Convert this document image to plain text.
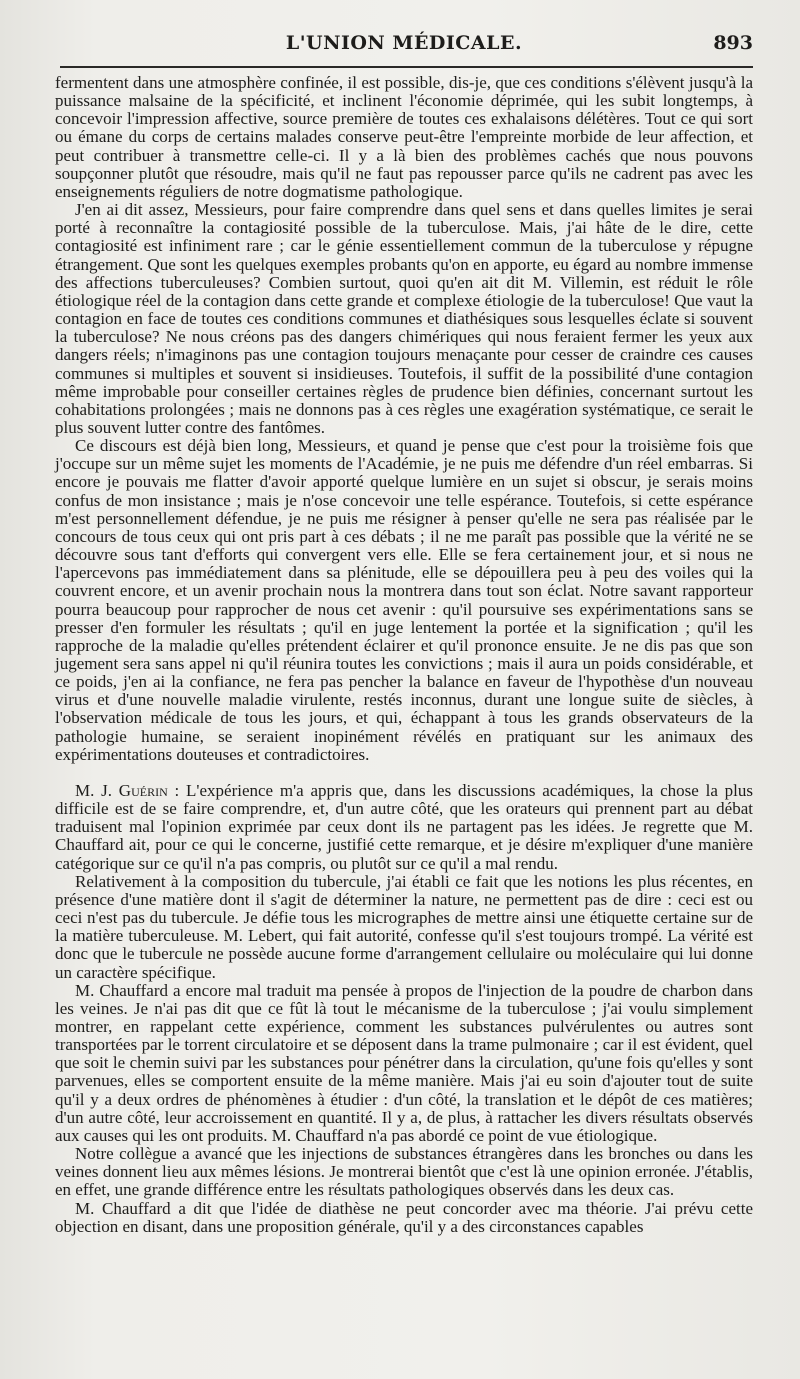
L'UNION MÉDICALE.	893

fermentent dans une atmosphère confinée, il est possible, dis-je, que ces conditions s'élèvent jusqu'à la puissance malsaine de la spécificité, et inclinent l'économie déprimée, qui les subit longtemps, à concevoir l'impression affective, source première de toutes ces exhalaisons délétères. Tout ce qui sort ou émane du corps de certains malades conserve peut-être l'empreinte morbide de leur affection, et peut contribuer à transmettre celle-ci. Il y a là bien des problèmes cachés que nous pouvons soupçonner plutôt que résoudre, mais qu'il ne faut pas repousser parce qu'ils ne cadrent pas avec les enseignements réguliers de notre dogmatisme pathologique.

J'en ai dit assez, Messieurs, pour faire comprendre dans quel sens et dans quelles limites je serai porté à reconnaître la contagiosité possible de la tuberculose. Mais, j'ai hâte de le dire, cette contagiosité est infiniment rare ; car le génie essentiellement commun de la tuberculose y répugne étrangement. Que sont les quelques exemples probants qu'on en apporte, eu égard au nombre immense des affections tuberculeuses? Combien surtout, quoi qu'en ait dit M. Villemin, est réduit le rôle étiologique réel de la contagion dans cette grande et complexe étiologie de la tuberculose! Que vaut la contagion en face de toutes ces conditions communes et diathésiques sous lesquelles éclate si souvent la tuberculose? Ne nous créons pas des dangers chimériques qui nous feraient fermer les yeux aux dangers réels; n'imaginons pas une contagion toujours menaçante pour cesser de craindre ces causes communes si multiples et souvent si insidieuses. Toutefois, il suffit de la possibilité d'une contagion même improbable pour conseiller certaines règles de prudence bien définies, concernant surtout les cohabitations prolongées ; mais ne donnons pas à ces règles une exagération systématique, ce serait le plus souvent lutter contre des fantômes.

Ce discours est déjà bien long, Messieurs, et quand je pense que c'est pour la troisième fois que j'occupe sur un même sujet les moments de l'Académie, je ne puis me défendre d'un réel embarras. Si encore je pouvais me flatter d'avoir apporté quelque lumière en un sujet si obscur, je serais moins confus de mon insistance ; mais je n'ose concevoir une telle espérance. Toutefois, si cette espérance m'est personnellement défendue, je ne puis me résigner à penser qu'elle ne sera pas réalisée par le concours de tous ceux qui ont pris part à ces débats ; il ne me paraît pas possible que la vérité ne se découvre sous tant d'efforts qui convergent vers elle. Elle se fera certainement jour, et si nous ne l'apercevons pas immédiatement dans sa plénitude, elle se dépouillera peu à peu des voiles qui la couvrent encore, et un avenir prochain nous la montrera dans tout son éclat. Notre savant rapporteur pourra beaucoup pour rapprocher de nous cet avenir : qu'il poursuive ses expérimentations sans se presser d'en formuler les résultats ; qu'il en juge lentement la portée et la signification ; qu'il les rapproche de la maladie qu'elles prétendent éclairer et qu'il prononce ensuite. Je ne dis pas que son jugement sera sans appel ni qu'il réunira toutes les convictions ; mais il aura un poids considérable, et ce poids, j'en ai la confiance, ne fera pas pencher la balance en faveur de l'hypothèse d'un nouveau virus et d'une nouvelle maladie virulente, restés inconnus, durant une longue suite de siècles, à l'observation médicale de tous les jours, et qui, échappant à tous les grands observateurs de la pathologie humaine, se seraient inopinément révélés en pratiquant sur les animaux des expérimentations douteuses et contradictoires.

M. J. Guérin : L'expérience m'a appris que, dans les discussions académiques, la chose la plus difficile est de se faire comprendre, et, d'un autre côté, que les orateurs qui prennent part au débat traduisent mal l'opinion exprimée par ceux dont ils ne partagent pas les idées. Je regrette que M. Chauffard ait, pour ce qui le concerne, justifié cette remarque, et je désire m'expliquer d'une manière catégorique sur ce qu'il n'a pas compris, ou plutôt sur ce qu'il a mal rendu.

Relativement à la composition du tubercule, j'ai établi ce fait que les notions les plus récentes, en présence d'une matière dont il s'agit de déterminer la nature, ne permettent pas de dire : ceci est ou ceci n'est pas du tubercule. Je défie tous les micrographes de mettre ainsi une étiquette certaine sur de la matière tuberculeuse. M. Lebert, qui fait autorité, confesse qu'il s'est toujours trompé. La vérité est donc que le tubercule ne possède aucune forme d'arrangement cellulaire ou moléculaire qui lui donne un caractère spécifique.

M. Chauffard a encore mal traduit ma pensée à propos de l'injection de la poudre de charbon dans les veines. Je n'ai pas dit que ce fût là tout le mécanisme de la tuberculose ; j'ai voulu simplement montrer, en rappelant cette expérience, comment les substances pulvérulentes ou autres sont transportées par le torrent circulatoire et se déposent dans la trame pulmonaire ; car il est évident, quel que soit le chemin suivi par les substances pour pénétrer dans la circulation, qu'une fois qu'elles y sont parvenues, elles se comportent ensuite de la même manière. Mais j'ai eu soin d'ajouter tout de suite qu'il y a deux ordres de phénomènes à étudier : d'un côté, la translation et le dépôt de ces matières; d'un autre côté, leur accroissement en quantité. Il y a, de plus, à rattacher les divers résultats observés aux causes qui les ont produits. M. Chauffard n'a pas abordé ce point de vue étiologique.

Notre collègue a avancé que les injections de substances étrangères dans les bronches ou dans les veines donnent lieu aux mêmes lésions. Je montrerai bientôt que c'est là une opinion erronée. J'établis, en effet, une grande différence entre les résultats pathologiques observés dans les deux cas.

M. Chauffard a dit que l'idée de diathèse ne peut concorder avec ma théorie. J'ai prévu cette objection en disant, dans une proposition générale, qu'il y a des circonstances capables
